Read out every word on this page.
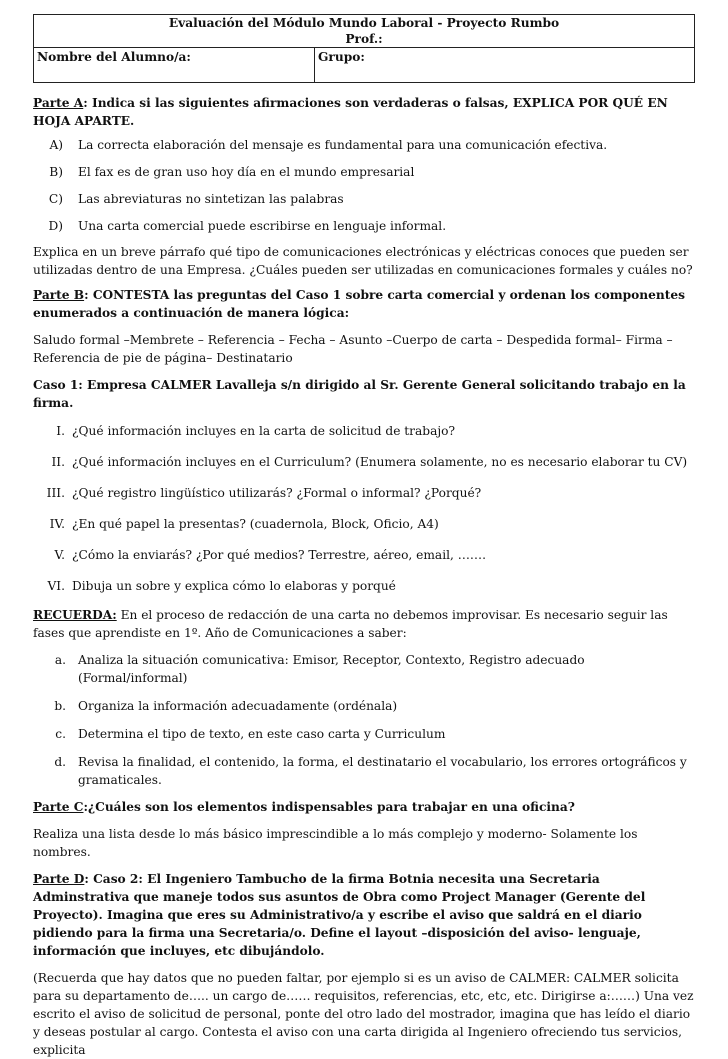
Evaluación del Módulo Mundo Laboral - Proyecto Rumbo
Prof.:

Nombre del Alumno/a:	Grupo:

Parte A: Indica si las siguientes afirmaciones son verdaderas o falsas, EXPLICA POR QUÉ EN HOJA APARTE.

A)	La correcta elaboración del mensaje es fundamental para una comunicación efectiva.
B)	El fax es de gran uso hoy día en el mundo empresarial
C)	Las abreviaturas no sintetizan las palabras
D)	Una carta comercial puede escribirse en lenguaje informal.

Explica en un breve párrafo qué tipo de comunicaciones electrónicas y eléctricas conoces que pueden ser utilizadas dentro de una Empresa. ¿Cuáles pueden ser utilizadas en comunicaciones formales y cuáles no?

Parte B: CONTESTA las preguntas del Caso 1 sobre carta comercial y ordenan los componentes enumerados a continuación de manera lógica:

Saludo formal –Membrete – Referencia – Fecha – Asunto –Cuerpo de carta – Despedida formal– Firma – Referencia de pie de página– Destinatario

Caso 1: Empresa CALMER Lavalleja s/n dirigido al Sr. Gerente General solicitando trabajo en la firma.

I. ¿Qué información incluyes en la carta de solicitud de trabajo?
II. ¿Qué información incluyes en el Curriculum? (Enumera solamente, no es necesario elaborar tu CV)
III. ¿Qué registro lingüístico utilizarás? ¿Formal o informal? ¿Porqué?
IV. ¿En qué papel la presentas? (cuadernola, Block, Oficio, A4)
V. ¿Cómo la enviarás? ¿Por qué medios? Terrestre, aéreo, email, …….
VI. Dibuja un sobre y explica cómo lo elaboras y porqué

RECUERDA: En el proceso de redacción de una carta no debemos improvisar. Es necesario seguir las fases que aprendiste en 1º. Año de Comunicaciones a saber:

a. Analiza la situación comunicativa: Emisor, Receptor, Contexto, Registro adecuado (Formal/informal)
b. Organiza la información adecuadamente (ordénala)
c. Determina el tipo de texto, en este caso carta y Curriculum
d. Revisa la finalidad, el contenido, la forma, el destinatario el vocabulario, los errores ortográficos y gramaticales.

Parte C:¿Cuáles son los elementos indispensables para trabajar en una oficina?

Realiza una lista desde lo más básico imprescindible a lo más complejo y moderno- Solamente los nombres.

Parte D: Caso 2: El Ingeniero Tambucho de la firma Botnia necesita una Secretaria Adminstrativa que maneje todos sus asuntos de Obra como Project Manager (Gerente del Proyecto). Imagina que eres su Administrativo/a y escribe el aviso que saldrá en el diario pidiendo para la firma una Secretaria/o. Define el layout –disposición del aviso- lenguaje, información que incluyes, etc dibujándolo.

(Recuerda que hay datos que no pueden faltar, por ejemplo si es un aviso de CALMER: CALMER solicita para su departamento de….. un cargo de…… requisitos, referencias, etc, etc, etc. Dirigirse a:……) Una vez escrito el aviso de solicitud de personal, ponte del otro lado del mostrador, imagina que has leído el diario y deseas postular al cargo. Contesta el aviso con una carta dirigida al Ingeniero ofreciendo tus servicios, explicita
